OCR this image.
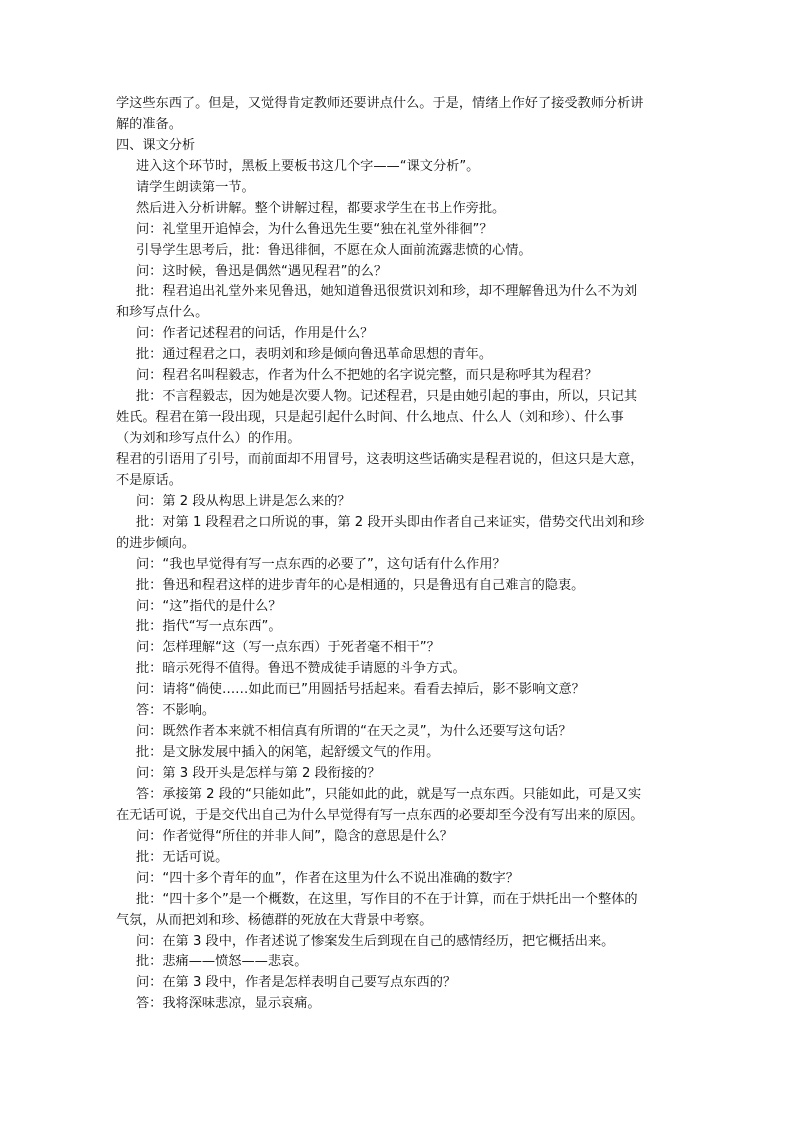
学这些东西了。但是，又觉得肯定教师还要讲点什么。于是，情绪上作好了接受教师分析讲
解的准备。
四、课文分析
进入这个环节时，黑板上要板书这几个字——“课文分析”。
请学生朗读第一节。
然后进入分析讲解。整个讲解过程，都要求学生在书上作旁批。
问：礼堂里开追悼会，为什么鲁迅先生要“独在礼堂外徘徊”？
引导学生思考后，批：鲁迅徘徊，不愿在众人面前流露悲愤的心情。
问：这时候，鲁迅是偶然“遇见程君”的么？
批：程君追出礼堂外来见鲁迅，她知道鲁迅很赏识刘和珍，却不理解鲁迅为什么不为刘
和珍写点什么。
问：作者记述程君的问话，作用是什么？
批：通过程君之口，表明刘和珍是倾向鲁迅革命思想的青年。
问：程君名叫程毅志，作者为什么不把她的名字说完整，而只是称呼其为程君？
批：不言程毅志，因为她是次要人物。记述程君，只是由她引起的事由，所以，只记其
姓氏。程君在第一段出现，只是起引起什么时间、什么地点、什么人（刘和珍）、什么事
（为刘和珍写点什么）的作用。
程君的引语用了引号，而前面却不用冒号，这表明这些话确实是程君说的，但这只是大意，
不是原话。
问：第 2 段从构思上讲是怎么来的？
批：对第 1 段程君之口所说的事，第 2 段开头即由作者自己来证实，借势交代出刘和珍
的进步倾向。
问：“我也早觉得有写一点东西的必要了”，这句话有什么作用？
批：鲁迅和程君这样的进步青年的心是相通的，只是鲁迅有自己难言的隐衷。
问：“这”指代的是什么？
批：指代“写一点东西”。
问：怎样理解“这（写一点东西）于死者毫不相干”？
批：暗示死得不值得。鲁迅不赞成徒手请愿的斗争方式。
问：请将“倘使……如此而已”用圆括号括起来。看看去掉后，影不影响文意？
答：不影响。
问：既然作者本来就不相信真有所谓的“在天之灵”，为什么还要写这句话？
批：是文脉发展中插入的闲笔，起舒缓文气的作用。
问：第 3 段开头是怎样与第 2 段衔接的？
答：承接第 2 段的“只能如此”，只能如此的此，就是写一点东西。只能如此，可是又实
在无话可说，于是交代出自己为什么早觉得有写一点东西的必要却至今没有写出来的原因。
问：作者觉得“所住的并非人间”，隐含的意思是什么？
批：无话可说。
问：“四十多个青年的血”，作者在这里为什么不说出准确的数字？
批：“四十多个”是一个概数，在这里，写作目的不在于计算，而在于烘托出一个整体的
气氛，从而把刘和珍、杨德群的死放在大背景中考察。
问：在第 3 段中，作者述说了惨案发生后到现在自己的感情经历，把它概括出来。
批：悲痛——愤怒——悲哀。
问：在第 3 段中，作者是怎样表明自己要写点东西的？
答：我将深味悲凉，显示哀痛。
